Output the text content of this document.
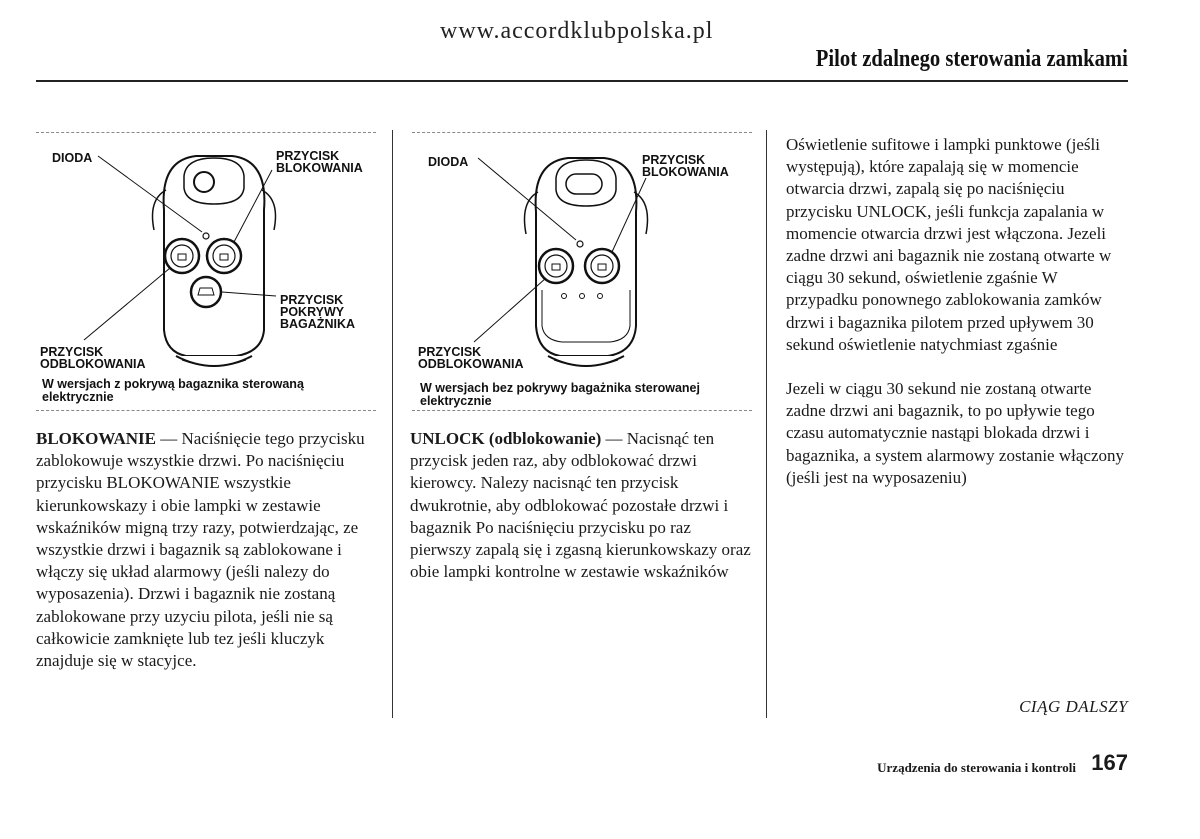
www.accordklubpolska.pl
Pilot zdalnego sterowania zamkami
DIODA	PRZYCISK
BLOKOWANIA
PRZYCISK
POKRYWY
BAGAŻNIKA
PRZYCISK
ODBLOKOWANIA
W wersjach z pokrywą bagaznika sterowaną elektrycznie
DIODA	PRZYCISK
BLOKOWANIA
PRZYCISK
ODBLOKOWANIA
W wersjach bez pokrywy bagażnika sterowanej elektrycznie

BLOKOWANIE — Naciśnięcie tego przycisku zablokowuje wszystkie drzwi. Po naciśnięciu przycisku BLOKOWANIE wszystkie kierunkowskazy i obie lampki w zestawie wskaźników migną trzy razy, potwierdzając, ze wszystkie drzwi i bagaznik są zablokowane i włączy się układ alarmowy (jeśli nalezy do wyposazenia). Drzwi i bagaznik nie zostaną zablokowane przy uzyciu pilota, jeśli nie są całkowicie zamknięte lub tez jeśli kluczyk znajduje się w stacyjce.

UNLOCK (odblokowanie) — Nacisnąć ten przycisk jeden raz, aby odblokować drzwi kierowcy. Nalezy nacisnąć ten przycisk dwukrotnie, aby odblokować pozostałe drzwi i bagaznik Po naciśnięciu przycisku po raz pierwszy zapalą się i zgasną kierunkowskazy oraz obie lampki kontrolne w zestawie wskaźników

Oświetlenie sufitowe i lampki punktowe (jeśli występują), które zapalają się w momencie otwarcia drzwi, zapalą się po naciśnięciu przycisku UNLOCK, jeśli funkcja zapalania w momencie otwarcia drzwi jest włączona. Jezeli zadne drzwi ani bagaznik nie zostaną otwarte w ciągu 30 sekund, oświetlenie zgaśnie W przypadku ponownego zablokowania zamków drzwi i bagaznika pilotem przed upływem 30 sekund oświetlenie natychmiast zgaśnie

Jezeli w ciągu 30 sekund nie zostaną otwarte zadne drzwi ani bagaznik, to po upływie tego czasu automatycznie nastąpi blokada drzwi i bagaznika, a system alarmowy zostanie włączony (jeśli jest na wyposazeniu)

CIĄG DALSZY
Urządzenia do sterowania i kontroli 167
